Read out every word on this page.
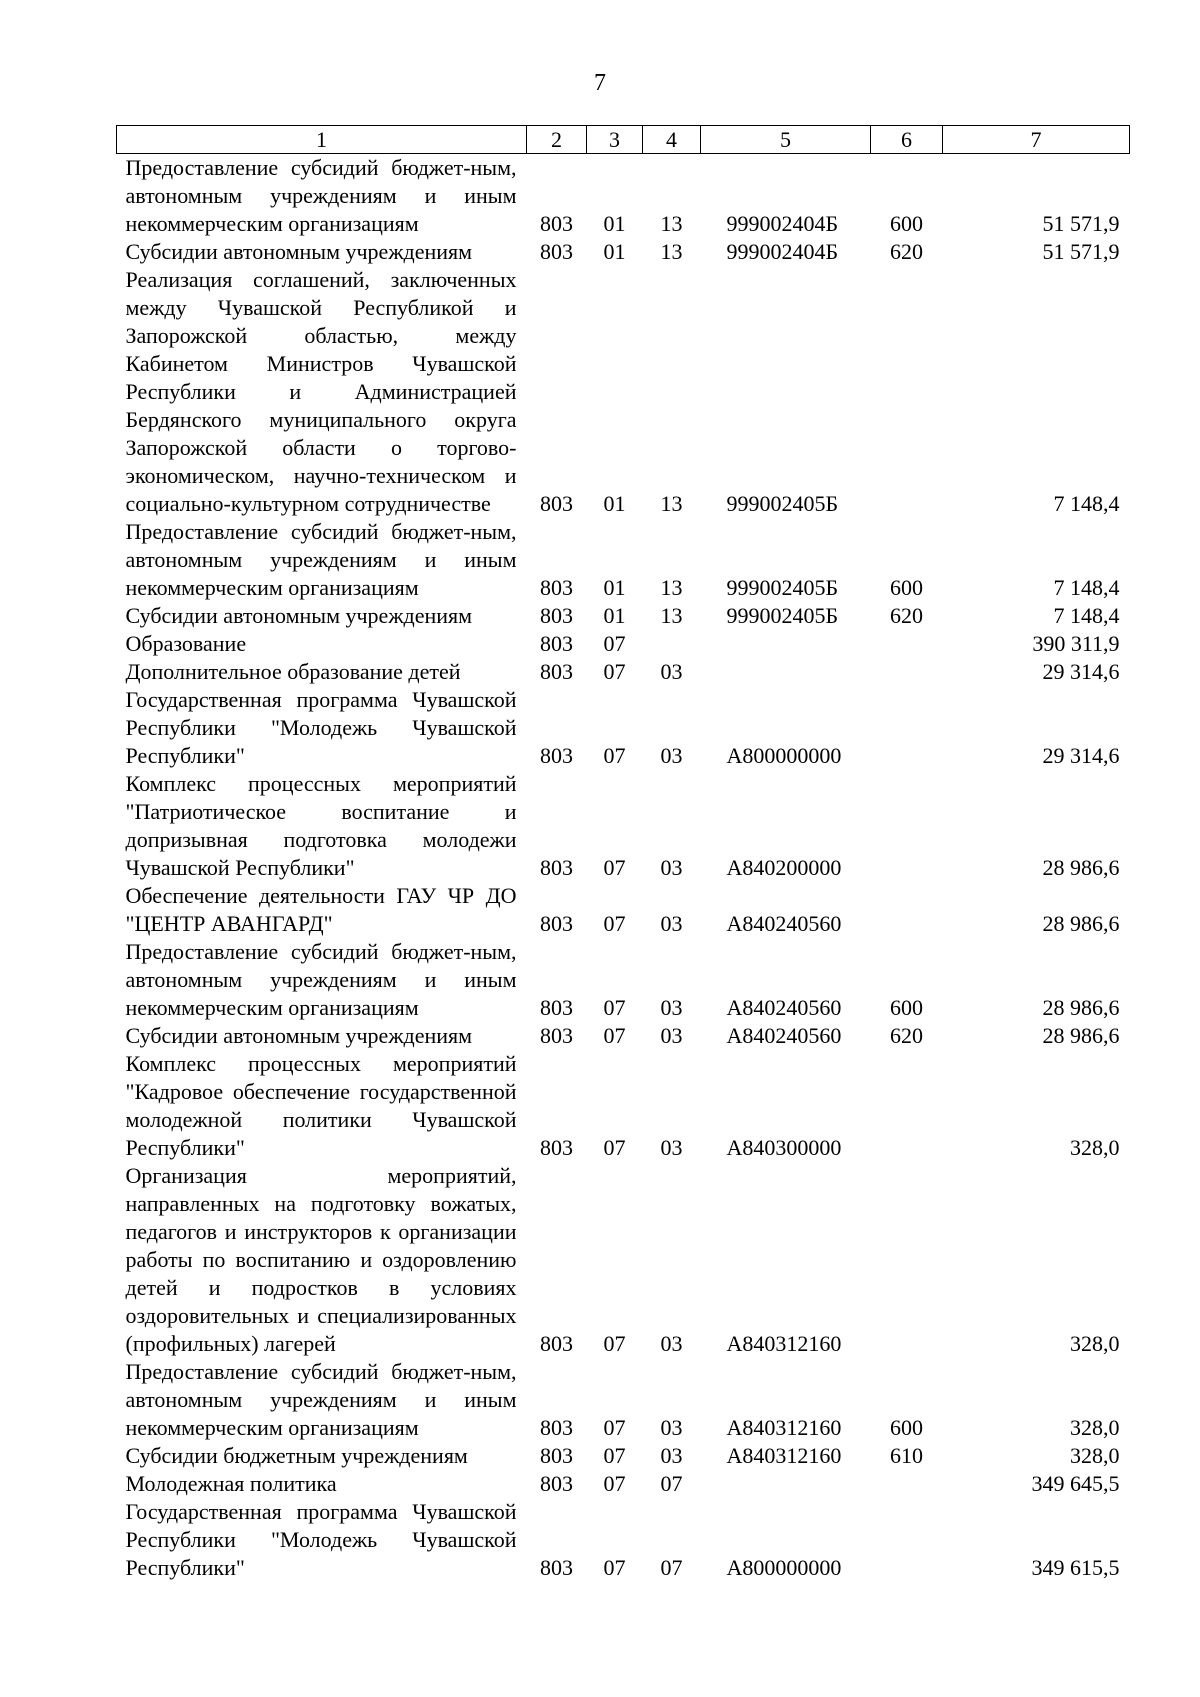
7
1	2	3	4	5	6	7
Предоставление субсидий бюджет-ным, автономным учреждениям и иным некоммерческим организациям	803	01	13	999002404Б	600	51 571,9
Субсидии автономным учреждениям	803	01	13	999002404Б	620	51 571,9
Реализация соглашений, заключенных между Чувашской Республикой и Запорожской областью, между Кабинетом Министров Чувашской Республики и Администрацией Бердянского муниципального округа Запорожской области о торгово-экономическом, научно-техническом и социально-культурном сотрудничестве	803	01	13	999002405Б		7 148,4
Предоставление субсидий бюджет-ным, автономным учреждениям и иным некоммерческим организациям	803	01	13	999002405Б	600	7 148,4
Субсидии автономным учреждениям	803	01	13	999002405Б	620	7 148,4
Образование	803	07				390 311,9
Дополнительное образование детей	803	07	03			29 314,6
Государственная программа Чувашской Республики "Молодежь Чувашской Республики"	803	07	03	А800000000		29 314,6
Комплекс процессных мероприятий "Патриотическое воспитание и допризывная подготовка молодежи Чувашской Республики"	803	07	03	А840200000		28 986,6
Обеспечение деятельности ГАУ ЧР ДО "ЦЕНТР АВАНГАРД"	803	07	03	А840240560		28 986,6
Предоставление субсидий бюджет-ным, автономным учреждениям и иным некоммерческим организациям	803	07	03	А840240560	600	28 986,6
Субсидии автономным учреждениям	803	07	03	А840240560	620	28 986,6
Комплекс процессных мероприятий "Кадровое обеспечение государственной молодежной политики Чувашской Республики"	803	07	03	А840300000		328,0
Организация мероприятий, направленных на подготовку вожатых, педагогов и инструкторов к организации работы по воспитанию и оздоровлению детей и подростков в условиях оздоровительных и специализированных (профильных) лагерей	803	07	03	А840312160		328,0
Предоставление субсидий бюджет-ным, автономным учреждениям и иным некоммерческим организациям	803	07	03	А840312160	600	328,0
Субсидии бюджетным учреждениям	803	07	03	А840312160	610	328,0
Молодежная политика	803	07	07			349 645,5
Государственная программа Чувашской Республики "Молодежь Чувашской Республики"	803	07	07	А800000000		349 615,5
